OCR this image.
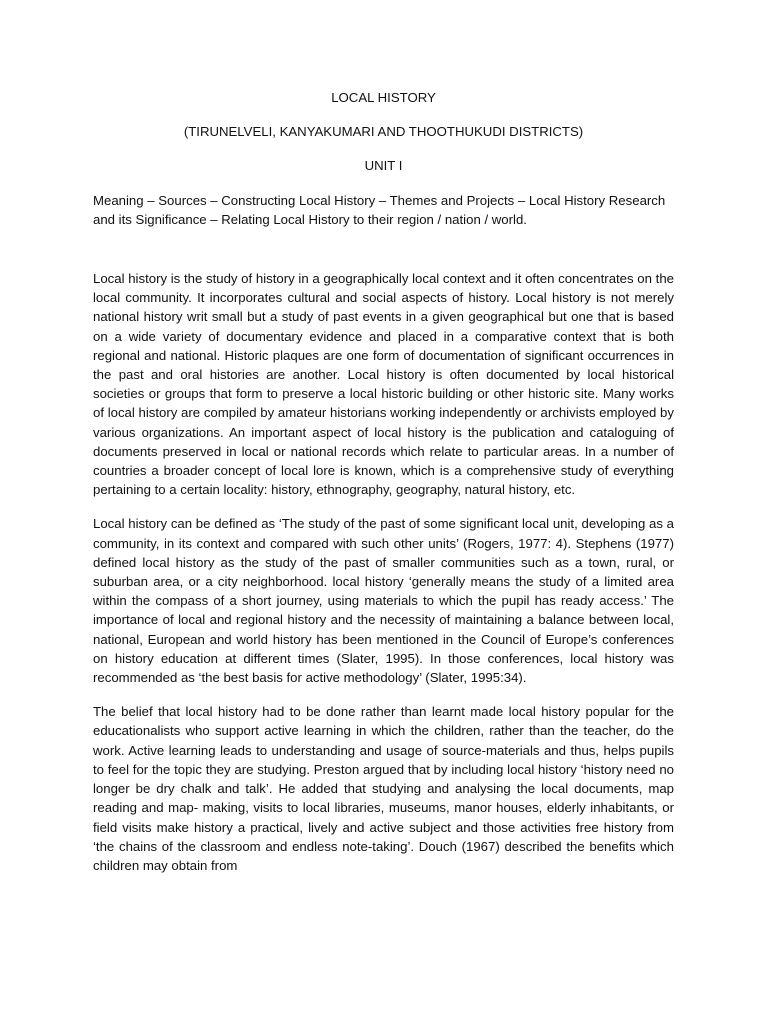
LOCAL HISTORY

(TIRUNELVELI, KANYAKUMARI AND THOOTHUKUDI DISTRICTS)

UNIT I

Meaning – Sources – Constructing Local History – Themes and Projects – Local History Research and its Significance – Relating Local History to their region / nation / world.

Local history is the study of history in a geographically local context and it often concentrates on the local community. It incorporates cultural and social aspects of history. Local history is not merely national history writ small but a study of past events in a given geographical but one that is based on a wide variety of documentary evidence and placed in a comparative context that is both regional and national. Historic plaques are one form of documentation of significant occurrences in the past and oral histories are another. Local history is often documented by local historical societies or groups that form to preserve a local historic building or other historic site. Many works of local history are compiled by amateur historians working independently or archivists employed by various organizations. An important aspect of local history is the publication and cataloguing of documents preserved in local or national records which relate to particular areas. In a number of countries a broader concept of local lore is known, which is a comprehensive study of everything pertaining to a certain locality: history, ethnography, geography, natural history, etc.

Local history can be defined as ‘The study of the past of some significant local unit, developing as a community, in its context and compared with such other units’ (Rogers, 1977: 4). Stephens (1977) defined local history as the study of the past of smaller communities such as a town, rural, or suburban area, or a city neighborhood. local history ‘generally means the study of a limited area within the compass of a short journey, using materials to which the pupil has ready access.’ The importance of local and regional history and the necessity of maintaining a balance between local, national, European and world history has been mentioned in the Council of Europe’s conferences on history education at different times (Slater, 1995). In those conferences, local history was recommended as ‘the best basis for active methodology’ (Slater, 1995:34).

The belief that local history had to be done rather than learnt made local history popular for the educationalists who support active learning in which the children, rather than the teacher, do the work. Active learning leads to understanding and usage of source-materials and thus, helps pupils to feel for the topic they are studying. Preston argued that by including local history ‘history need no longer be dry chalk and talk’. He added that studying and analysing the local documents, map reading and map- making, visits to local libraries, museums, manor houses, elderly inhabitants, or field visits make history a practical, lively and active subject and those activities free history from ‘the chains of the classroom and endless note-taking’. Douch (1967) described the benefits which children may obtain from
